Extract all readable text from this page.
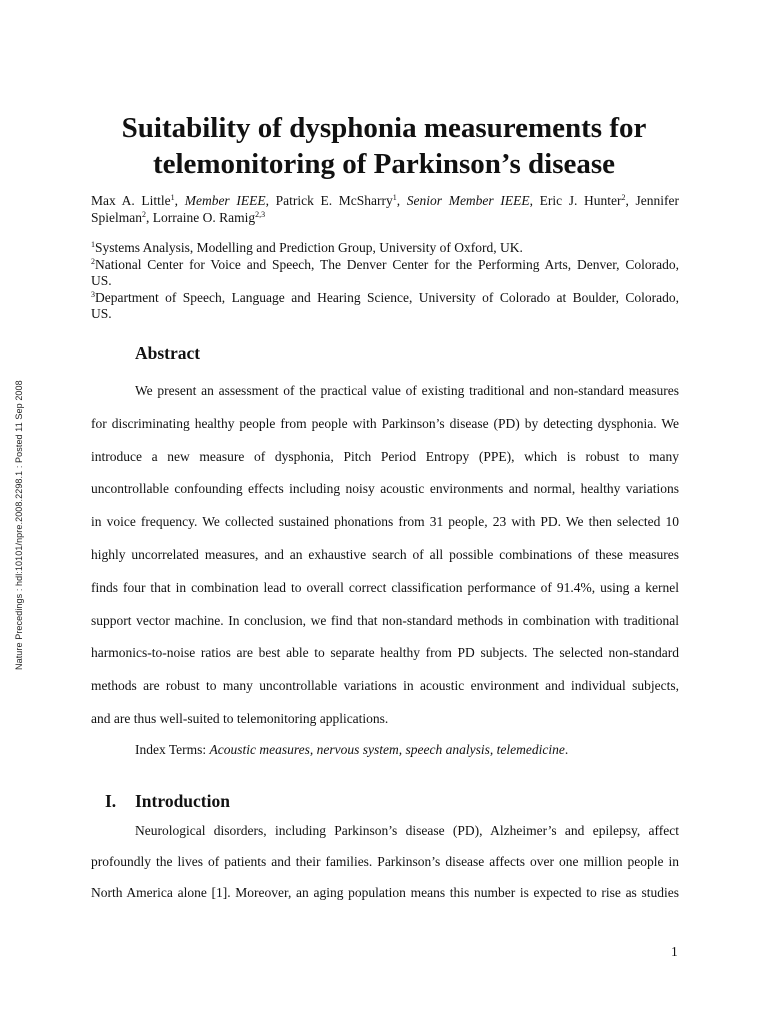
Nature Precedings : hdl:10101/npre.2008.2298.1 : Posted 11 Sep 2008
Suitability of dysphonia measurements for
telemonitoring of Parkinson’s disease
Max A. Little$^1$, Member IEEE, Patrick E. McSharry$^1$, Senior Member IEEE, Eric J. Hunter$^2$, Jennifer
Spielman$^2$, Lorraine O. Ramig$^{2,3}$
$^1$Systems Analysis, Modelling and Prediction Group, University of Oxford, UK.
$^2$National Center for Voice and Speech, The Denver Center for the Performing Arts, Denver, Colorado,
US.
$^3$Department of Speech, Language and Hearing Science, University of Colorado at Boulder, Colorado,
US.
Abstract
We present an assessment of the practical value of existing traditional and non-standard measures
for discriminating healthy people from people with Parkinson’s disease (PD) by detecting dysphonia. We
introduce a new measure of dysphonia, Pitch Period Entropy (PPE), which is robust to many
uncontrollable confounding effects including noisy acoustic environments and normal, healthy variations
in voice frequency. We collected sustained phonations from 31 people, 23 with PD. We then selected 10
highly uncorrelated measures, and an exhaustive search of all possible combinations of these measures
finds four that in combination lead to overall correct classification performance of 91.4%, using a kernel
support vector machine. In conclusion, we find that non-standard methods in combination with traditional
harmonics-to-noise ratios are best able to separate healthy from PD subjects. The selected non-standard
methods are robust to many uncontrollable variations in acoustic environment and individual subjects,
and are thus well-suited to telemonitoring applications.
Index Terms: Acoustic measures, nervous system, speech analysis, telemedicine.
I. Introduction
Neurological disorders, including Parkinson’s disease (PD), Alzheimer’s and epilepsy, affect
profoundly the lives of patients and their families. Parkinson’s disease affects over one million people in
North America alone [1]. Moreover, an aging population means this number is expected to rise as studies
1
